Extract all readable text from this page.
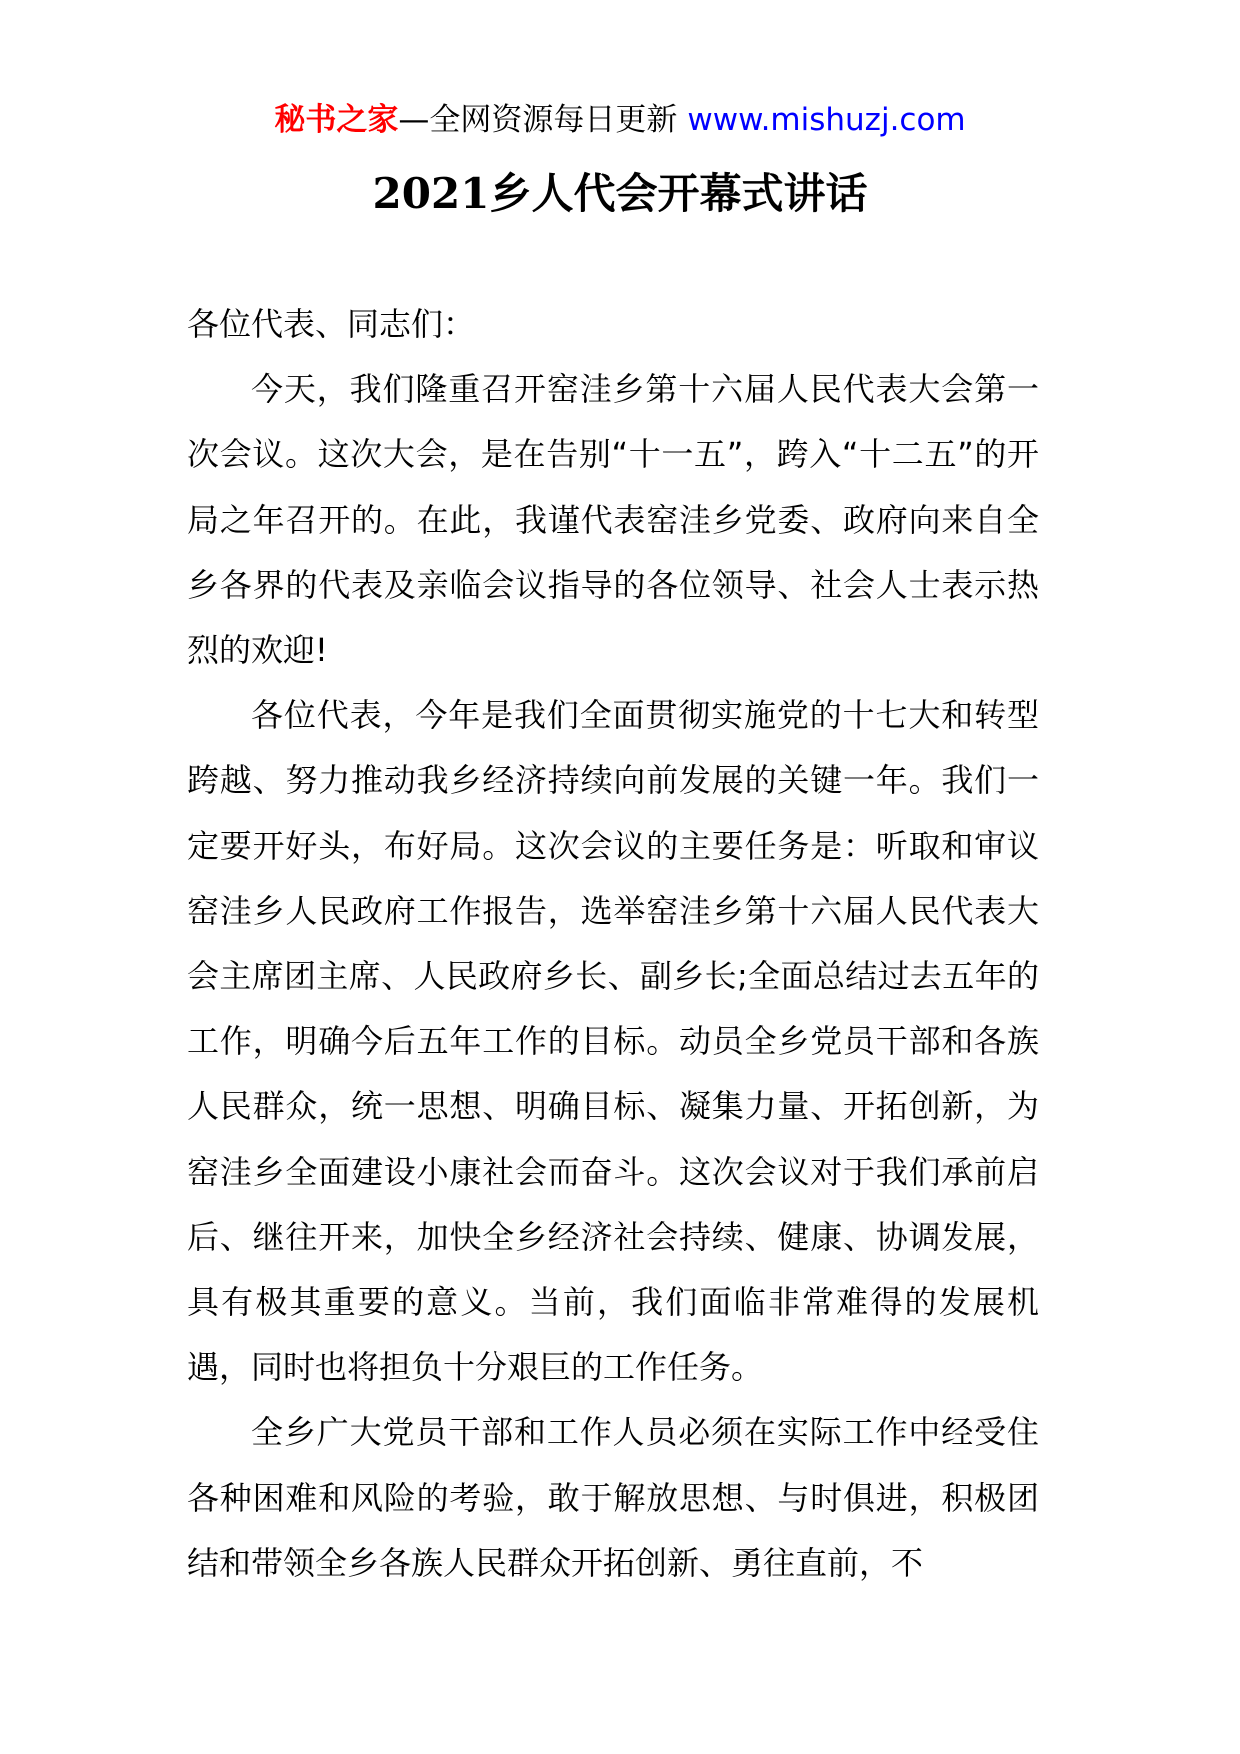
秘书之家—全网资源每日更新 www.mishuzj.com
2021乡人代会开幕式讲话

各位代表、同志们：

今天，我们隆重召开窑洼乡第十六届人民代表大会第一次会议。这次大会，是在告别“十一五”，跨入“十二五”的开局之年召开的。在此，我谨代表窑洼乡党委、政府向来自全乡各界的代表及亲临会议指导的各位领导、社会人士表示热烈的欢迎!

各位代表，今年是我们全面贯彻实施党的十七大和转型跨越、努力推动我乡经济持续向前发展的关键一年。我们一定要开好头，布好局。这次会议的主要任务是：听取和审议窑洼乡人民政府工作报告，选举窑洼乡第十六届人民代表大会主席团主席、人民政府乡长、副乡长;全面总结过去五年的工作，明确今后五年工作的目标。动员全乡党员干部和各族人民群众，统一思想、明确目标、凝集力量、开拓创新，为窑洼乡全面建设小康社会而奋斗。这次会议对于我们承前启后、继往开来，加快全乡经济社会持续、健康、协调发展，具有极其重要的意义。当前，我们面临非常难得的发展机遇，同时也将担负十分艰巨的工作任务。

全乡广大党员干部和工作人员必须在实际工作中经受住各种困难和风险的考验，敢于解放思想、与时俱进，积极团结和带领全乡各族人民群众开拓创新、勇往直前，不
